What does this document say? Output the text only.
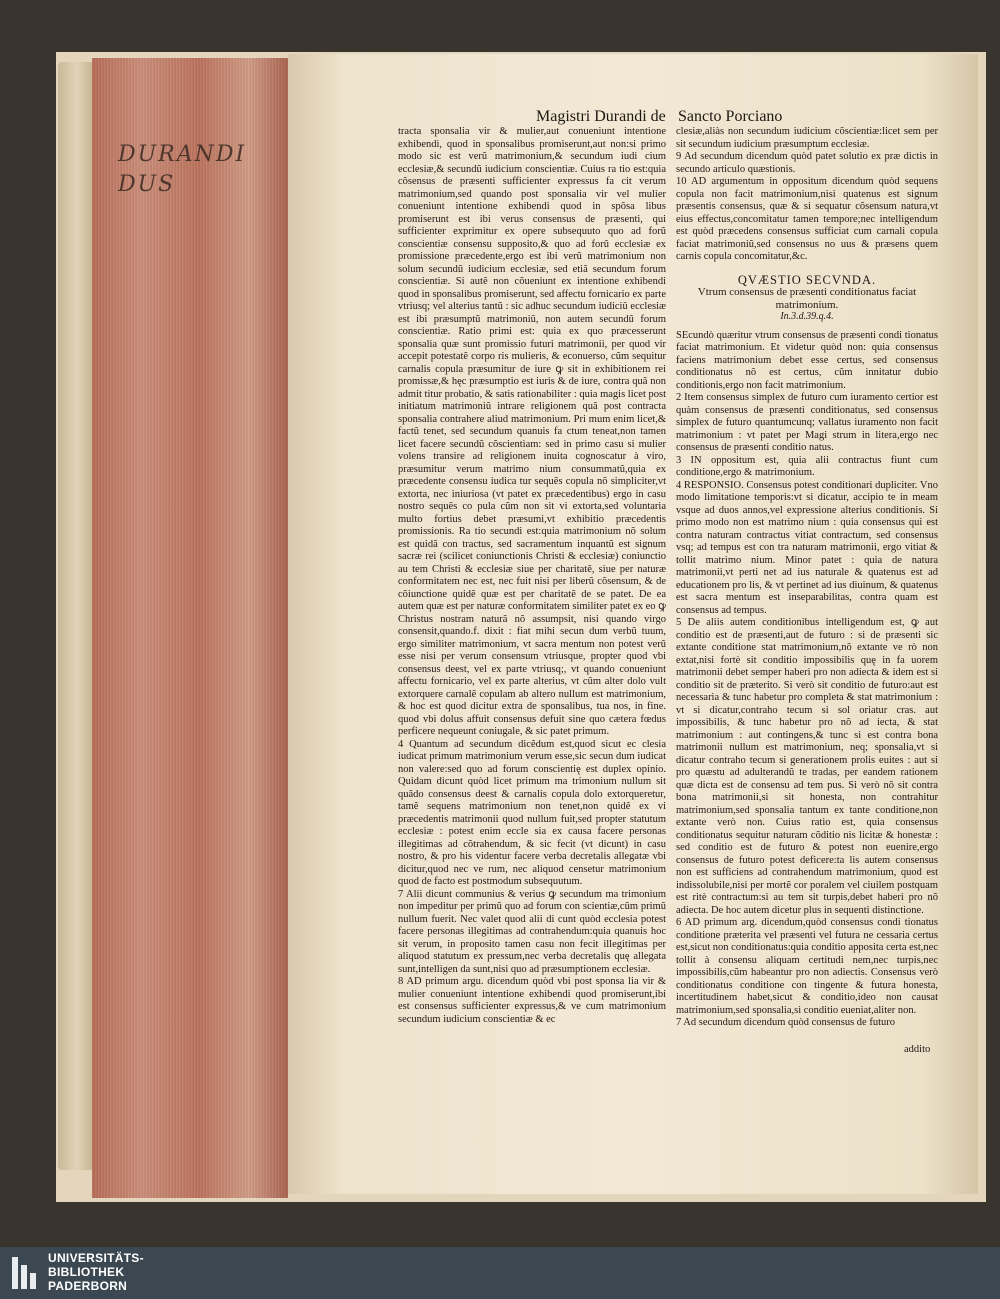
DURANDI
DUS
Magistri Durandi de Sancto Porciano

tracta sponsalia vir & mulier,aut conueniunt intentione exhibendi, quod in sponsalibus promiserunt,aut non:si primo modo sic est verũ matrimonium,& secundum iudi cium ecclesiæ,& secundũ iudicium conscientiæ. Cuius ra tio est:quia cõsensus de præsenti sufficienter expressus fa cit verum matrimonium,sed quando post sponsalia vir vel mulier conueniunt intentione exhibendi quod in spõsa libus promiserunt est ibi verus consensus de præsenti, qui sufficienter exprimitur ex opere subsequuto quo ad forũ conscientiæ consensu supposito,& quo ad forũ ecclesiæ ex promissione præcedente,ergo est ibi verũ matrimonium non solum secundũ iudicium ecclesiæ, sed etiã secundum forum conscientiæ. Si autẽ non cõueniunt ex intentione exhibendi quod in sponsalibus promiserunt, sed affectu fornicario ex parte vtriusq; vel alterius tantũ : sic adhuc secundum iudiciũ ecclesiæ est ibi præsumptũ matrimoniũ, non autem secundũ forum conscientiæ. Ratio primi est: quia ex quo præcesserunt sponsalia quæ sunt promissio futuri matrimonii, per quod vir accepit potestatẽ corpo ris mulieris, & econuerso, cũm sequitur carnalis copula præsumitur de iure ꝙ sit in exhibitionem rei promissæ,& hęc præsumptio est iuris & de iure, contra quã non admit titur probatio, & satis rationabiliter : quia magis licet post initiatum matrimoniũ intrare religionem quã post contracta sponsalia contrahere aliud matrimonium. Pri mum enim licet,& factũ tenet, sed secundum quanuis fa ctum teneat,non tamen licet facere secundũ cõscientiam: sed in primo casu si mulier volens transire ad religionem inuita cognoscatur à viro, præsumitur verum matrimo nium consummatũ,quia ex præcedente consensu iudica tur sequẽs copula nõ simpliciter,vt extorta, nec iniuriosa (vt patet ex præcedentibus) ergo in casu nostro sequẽs co pula cũm non sit vi extorta,sed voluntaria multo fortius debet præsumi,vt exhibitio præcedentis promissionis. Ra tio secundi est:quia matrimonium nõ solum est quidã con tractus, sed sacramentum inquantũ est signum sacræ rei (scilicet coniunctionis Christi & ecclesiæ) coniunctio au tem Christi & ecclesiæ siue per charitatẽ, siue per naturæ conformitatem nec est, nec fuit nisi per liberũ cõsensum, & de cõiunctione quidẽ quæ est per charitatẽ de se patet. De ea autem quæ est per naturæ conformitatem similiter patet ex eo ꝙ Christus nostram naturã nõ assumpsit, nisi quando virgo consensit,quando.f. dixit : fiat mihi secun dum verbũ tuum, ergo similiter matrimonium, vt sacra mentum non potest verũ esse nisi per verum consensum vtriusque, propter quod vbi consensus deest, vel ex parte vtriusq;, vt quando conueniunt affectu fornicario, vel ex parte alterius, vt cũm alter dolo vult extorquere carnalẽ copulam ab altero nullum est matrimonium, & hoc est quod dicitur extra de sponsalibus, tua nos, in fine. quod vbi dolus affuit consensus defuit sine quo cætera fœdus perficere nequeunt coniugale, & sic patet primum.

4 Quantum ad secundum dicẽdum est,quod sicut ec clesia iudicat primum matrimonium verum esse,sic secun dum iudicat non valere:sed quo ad forum conscientię est duplex opinio. Quidam dicunt quòd licet primum ma trimonium nullum sit quãdo consensus deest & carnalis copula dolo extorqueretur, tamẽ sequens matrimonium non tenet,non quidẽ ex vi præcedentis matrimonii quod nullum fuit,sed propter statutum ecclesiæ : potest enim eccle sia ex causa facere personas illegitimas ad cõtrahendum, & sic fecit (vt dicunt) in casu nostro, & pro his videntur facere verba decretalis allegatæ vbi dicitur,quod nec ve rum, nec aliquod censetur matrimonium quod de facto est postmodum subsequutum.

7 Alii dicunt communius & verius ꝙ secundum ma trimonium non impeditur per primũ quo ad forum con scientiæ,cũm primũ nullum fuerit. Nec valet quod alii di cunt quòd ecclesia potest facere personas illegitimas ad contrahendum:quia quanuis hoc sit verum, in proposito tamen casu non fecit illegitimas per aliquod statutum ex pressum,nec verba decretalis quę allegata sunt,intelligen da sunt,nisi quo ad præsumptionem ecclesiæ.

8 AD primum argu. dicendum quòd vbi post sponsa lia vir & mulier conueniunt intentione exhibendi quod promiserunt,ibi est consensus sufficienter expressus,& ve cum matrimonium secundum iudicium conscientiæ & ec

clesiæ,aliàs non secundum iudicium cõscientiæ:licet sem per sit secundum iudicium præsumptum ecclesiæ.

9 Ad secundum dicendum quòd patet solutio ex præ dictis in secundo articulo quæstionis.

10 AD argumentum in oppositum dicendum quòd sequens copula non facit matrimonium,nisi quatenus est signum præsentis consensus, quæ & si sequatur cõsensum natura,vt eius effectus,concomitatur tamen tempore;nec intelligendum est quòd præcedens consensus sufficiat cum carnali copula faciat matrimoniũ,sed consensus no uus & præsens quem carnis copula concomitatur,&c.

QVÆSTIO SECVNDA.
Vtrum consensus de præsenti conditionatus faciat matrimonium.
In.3.d.39.q.4.

SEcundò quæritur vtrum consensus de præsenti condi tionatus faciat matrimonium. Et videtur quòd non: quia consensus faciens matrimonium debet esse certus, sed consensus conditionatus nõ est certus, cũm innitatur dubio conditionis,ergo non facit matrimonium.

2 Item consensus simplex de futuro cum iuramento certior est quàm consensus de præsenti conditionatus, sed consensus simplex de futuro quantumcunq; vallatus iuramento non facit matrimonium : vt patet per Magi strum in litera,ergo nec consensus de præsenti conditio natus.

3 IN oppositum est, quia alii contractus fiunt cum conditione,ergo & matrimonium.

4 RESPONSIO. Consensus potest conditionari dupliciter. Vno modo limitatione temporis:vt si dicatur, accipio te in meam vsque ad duos annos,vel expressione alterius conditionis. Si primo modo non est matrimo nium : quia consensus qui est contra naturam contractus vitiat contractum, sed consensus vsq; ad tempus est con tra naturam matrimonii, ergo vitiat & tollit matrimo nium. Minor patet : quia de natura matrimonii,vt perti net ad ius naturale & quatenus est ad educationem pro lis, & vt pertinet ad ius diuinum, & quatenus est sacra mentum est inseparabilitas, contra quam est consensus ad tempus.

5 De aliis autem conditionibus intelligendum est, ꝙ aut conditio est de præsenti,aut de futuro : si de præsenti sic extante conditione stat matrimonium,nõ extante ve rò non extat,nisi fortè sit conditio impossibilis quę in fa uorem matrimonii debet semper haberi pro non adiecta & idem est si conditio sit de præterito. Si verò sit conditio de futuro:aut est necessaria & tunc habetur pro completa & stat matrimonium : vt si dicatur,contraho tecum si sol oriatur cras. aut impossibilis, & tunc habetur pro nõ ad iecta, & stat matrimonium : aut contingens,& tunc si est contra bona matrimonii nullum est matrimonium, neq; sponsalia,vt si dicatur contraho tecum si generationem prolis euites : aut si pro quæstu ad adulterandũ te tradas, per eandem rationem quæ dicta est de consensu ad tem pus. Si verò nõ sit contra bona matrimonii,si sit honesta, non contrahitur matrimonium,sed sponsalia tantum ex tante conditione,non extante verò non. Cuius ratio est, quia consensus conditionatus sequitur naturam cõditio nis licitæ & honestæ : sed conditio est de futuro & potest non euenire,ergo consensus de futuro potest deficere:ta lis autem consensus non est sufficiens ad contrahendum matrimonium, quod est indissolubile,nisi per mortẽ cor poralem vel ciuilem postquam est ritè contractum:si au tem sit turpis,debet haberi pro nõ adiecta. De hoc autem dicetur plus in sequenti distinctione.

6 AD primum arg. dicendum,quòd consensus condi tionatus conditione præterita vel præsenti vel futura ne cessaria certus est,sicut non conditionatus:quia conditio apposita certa est,nec tollit à consensu aliquam certitudi nem,nec turpis,nec impossibilis,cũm habeantur pro non adiectis. Consensus verò conditionatus conditione con tingente & futura honesta, incertitudinem habet,sicut & conditio,ideo non causat matrimonium,sed sponsalia,si conditio eueniat,aliter non.

7 Ad secundum dicendum quòd consensus de futuro

addito
UNIVERSITÄTS-
BIBLIOTHEK
PADERBORN
